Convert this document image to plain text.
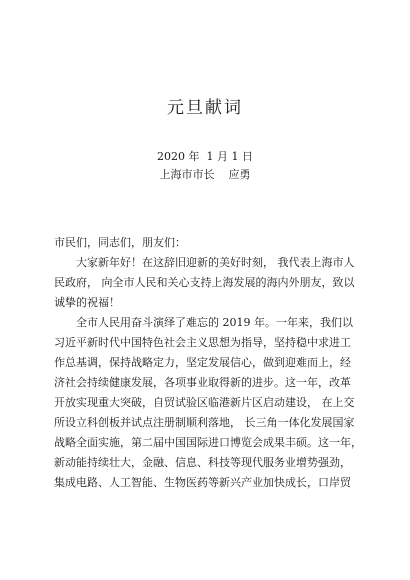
元旦献词
2020 年  1 月 1 日
上海市市长    应勇
市民们，同志们，朋友们：
大家新年好！在这辞旧迎新的美好时刻， 我代表上海市人
民政府， 向全市人民和关心支持上海发展的海内外朋友，致以
诚挚的祝福！
全市人民用奋斗演绎了难忘的 2019 年。一年来，我们以
习近平新时代中国特色社会主义思想为指导，坚持稳中求进工
作总基调，保持战略定力，坚定发展信心，做到迎难而上，经
济社会持续健康发展，各项事业取得新的进步。这一年，改革
开放实现重大突破，自贸试验区临港新片区启动建设， 在上交
所设立科创板并试点注册制顺利落地， 长三角一体化发展国家
战略全面实施，第二届中国国际进口博览会成果丰硕。这一年，
新动能持续壮大，金融、信息、科技等现代服务业增势强劲，
集成电路、人工智能、生物医药等新兴产业加快成长，口岸贸
